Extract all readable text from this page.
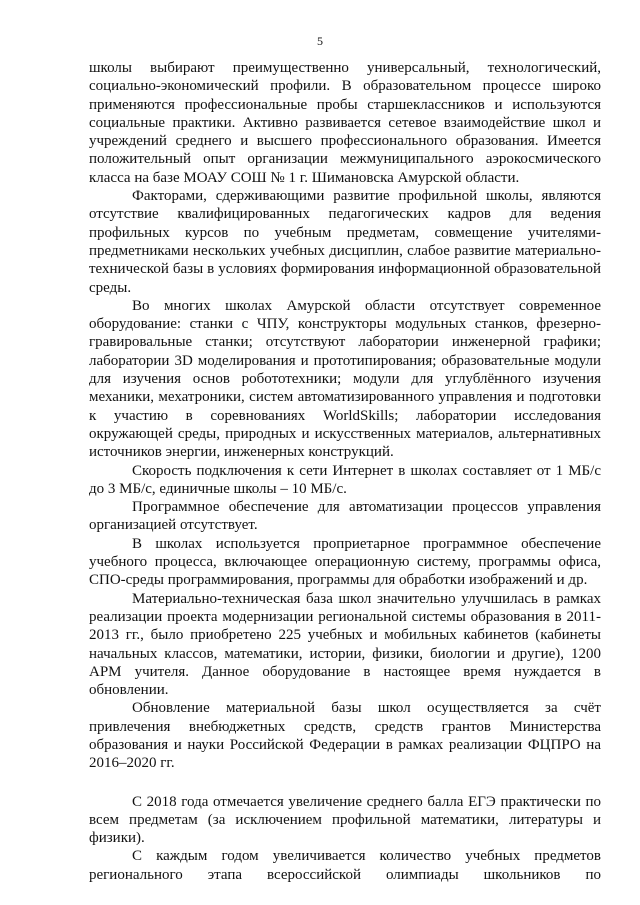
5

школы выбирают преимущественно универсальный, технологический, социально-экономический профили. В образовательном процессе широко применяются профессиональные пробы старшеклассников и используются социальные практики. Активно развивается сетевое взаимодействие школ и учреждений среднего и высшего профессионального образования. Имеется положительный опыт организации межмуниципального аэрокосмического класса на базе МОАУ СОШ № 1 г. Шимановска Амурской области.

Факторами, сдерживающими развитие профильной школы, являются отсутствие квалифицированных педагогических кадров для ведения профильных курсов по учебным предметам, совмещение учителями-предметниками нескольких учебных дисциплин, слабое развитие материально-технической базы в условиях формирования информационной образовательной среды.

Во многих школах Амурской области отсутствует современное оборудование: станки с ЧПУ, конструкторы модульных станков, фрезерно-гравировальные станки; отсутствуют лаборатории инженерной графики; лаборатории 3D моделирования и прототипирования; образовательные модули для изучения основ робототехники; модули для углублённого изучения механики, мехатроники, систем автоматизированного управления и подготовки к участию в соревнованиях WorldSkills; лаборатории исследования окружающей среды, природных и искусственных материалов, альтернативных источников энергии, инженерных конструкций.

Скорость подключения к сети Интернет в школах составляет от 1 МБ/с до 3 МБ/с, единичные школы – 10 МБ/с.

Программное обеспечение для автоматизации процессов управления организацией отсутствует.

В школах используется проприетарное программное обеспечение учебного процесса, включающее операционную систему, программы офиса, СПО-среды программирования, программы для обработки изображений и др.

Материально-техническая база школ значительно улучшилась в рамках реализации проекта модернизации региональной системы образования в 2011-2013 гг., было приобретено 225 учебных и мобильных кабинетов (кабинеты начальных классов, математики, истории, физики, биологии и другие), 1200 АРМ учителя. Данное оборудование в настоящее время нуждается в обновлении.

Обновление материальной базы школ осуществляется за счёт привлечения внебюджетных средств, средств грантов Министерства образования и науки Российской Федерации в рамках реализации ФЦПРО на 2016–2020 гг.

С 2018 года отмечается увеличение среднего балла ЕГЭ практически по всем предметам (за исключением профильной математики, литературы и физики).

С каждым годом увеличивается количество учебных предметов регионального этапа всероссийской олимпиады школьников по
